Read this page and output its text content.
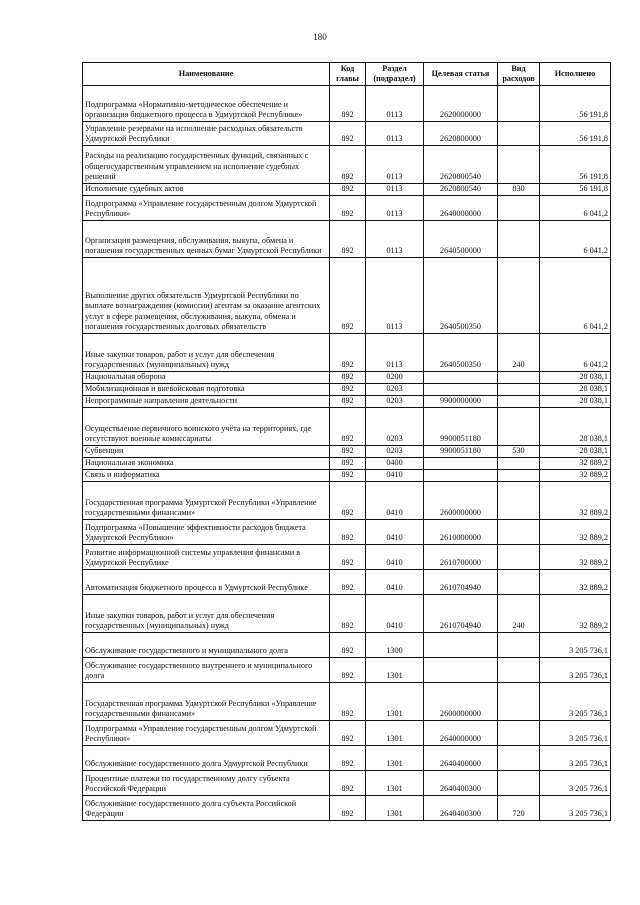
180
Наименование	Код главы	Раздел (подраздел)	Целевая статья	Вид расходов	Исполнено
Подпрограмма «Нормативно-методическое обеспечение и организация бюджетного процесса в Удмуртской Республике»	892	0113	2620000000		56 191,8
Управление резервами на исполнение расходных обязательств Удмуртской Республики	892	0113	2620800000		56 191,8
Расходы на реализацию государственных функций, связанных с общегосударственным управлением на исполнение судебных решений	892	0113	2620800540		56 191,8
Исполнение судебных актов	892	0113	2620800540	830	56 191,8
Подпрограмма «Управление государственным долгом Удмуртской Республики»	892	0113	2640000000		6 041,2
Организация размещения, обслуживания, выкупа, обмена и погашения государственных ценных бумаг Удмуртской Республики	892	0113	2640500000		6 041,2
Выполнение других обязательств Удмуртской Республики по выплате вознаграждения (комиссии) агентам за оказание агентских услуг в сфере размещения, обслуживания, выкупа, обмена и погашения государственных долговых обязательств	892	0113	2640500350		6 041,2
Иные закупки товаров, работ и услуг для обеспечения государственных (муниципальных) нужд	892	0113	2640500350	240	6 041,2
Национальная оборона	892	0200			28 038,1
Мобилизационная и вневойсковая подготовка	892	0203			28 038,1
Непрограммные направления деятельности	892	0203	9900000000		28 038,1
Осуществление первичного воинского учёта на территориях, где отсутствуют военные комиссариаты	892	0203	9900051180		28 038,1
Субвенции	892	0203	9900051180	530	28 038,1
Национальная экономика	892	0400			32 889,2
Связь и информатика	892	0410			32 889,2
Государственная программа Удмуртской Республики «Управление государственными финансами»	892	0410	2600000000		32 889,2
Подпрограмма «Повышение эффективности расходов бюджета Удмуртской Республики»	892	0410	2610000000		32 889,2
Развитие информационной системы управления финансами в Удмуртской Республике	892	0410	2610700000		32 889,2
Автоматизация бюджетного процесса в Удмуртской Республике	892	0410	2610704940		32 889,2
Иные закупки товаров, работ и услуг для обеспечения государственных (муниципальных) нужд	892	0410	2610704940	240	32 889,2
Обслуживание государственного и муниципального долга	892	1300			3 205 736,1
Обслуживание государственного внутреннего и муниципального долга	892	1301			3 205 736,1
Государственная программа Удмуртской Республики «Управление государственными финансами»	892	1301	2600000000		3 205 736,1
Подпрограмма «Управление государственным долгом Удмуртской Республики»	892	1301	2640000000		3 205 736,1
Обслуживание государственного долга Удмуртской Республики	892	1301	2640400000		3 205 736,1
Процентные платежи по государственному долгу субъекта Российской Федерации	892	1301	2640400300		3 205 736,1
Обслуживание государственного долга субъекта Российской Федерации	892	1301	2640400300	720	3 205 736,1
